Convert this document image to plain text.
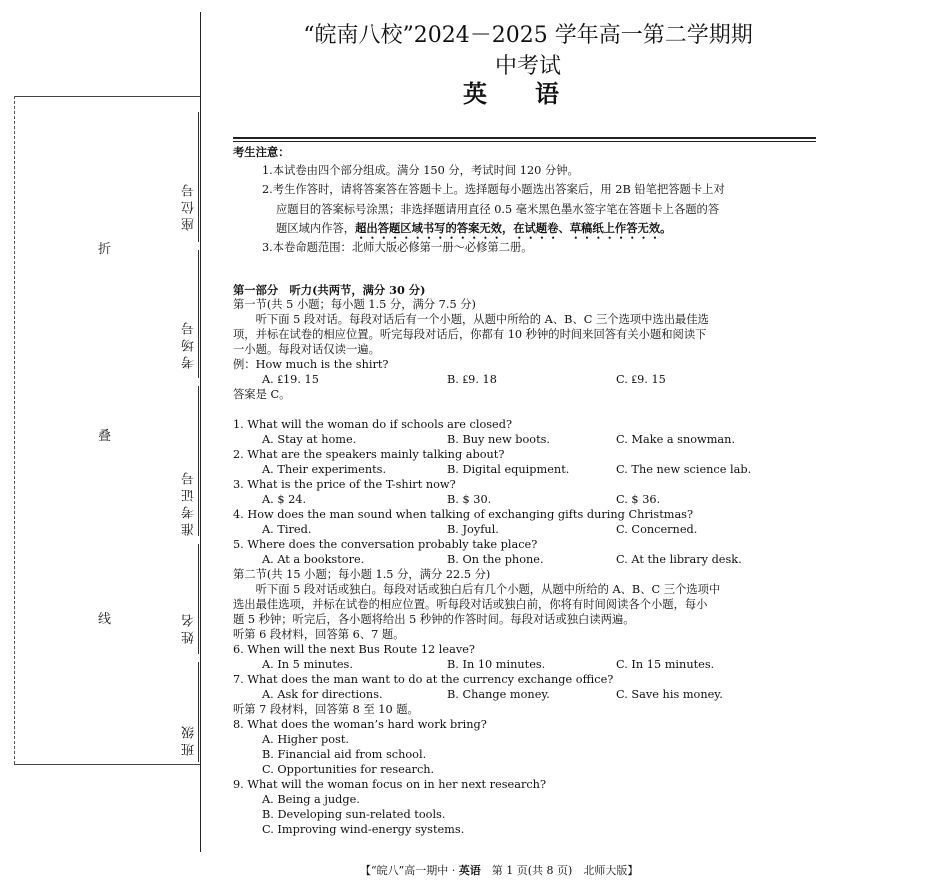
折
叠
线
座位号
考场号
准考证号
姓名
班级
“皖南八校”2024－2025 学年高一第二学期期中考试
英语
考生注意：
1.本试卷由四个部分组成。满分 150 分，考试时间 120 分钟。
2.考生作答时，请将答案答在答题卡上。选择题每小题选出答案后，用 2B 铅笔把答题卡上对
应题目的答案标号涂黑；非选择题请用直径 0.5 毫米黑色墨水签字笔在答题卡上各题的答
题区域内作答，超出答题区域书写的答案无效，在试题卷、草稿纸上作答无效。
3.本卷命题范围：北师大版必修第一册～必修第二册。
第一部分　听力(共两节，满分 30 分)
第一节(共 5 小题；每小题 1.5 分，满分 7.5 分)
　　听下面 5 段对话。每段对话后有一个小题，从题中所给的 A、B、C 三个选项中选出最佳选
项，并标在试卷的相应位置。听完每段对话后，你都有 10 秒钟的时间来回答有关小题和阅读下
一小题。每段对话仅读一遍。
例：How much is the shirt?
A. ₤19. 15	B. ₤9. 18	C. ₤9. 15
答案是 C。
1. What will the woman do if schools are closed?
A. Stay at home.	B. Buy new boots.	C. Make a snowman.
2. What are the speakers mainly talking about?
A. Their experiments.	B. Digital equipment.	C. The new science lab.
3. What is the price of the T-shirt now?
A. $ 24.	B. $ 30.	C. $ 36.
4. How does the man sound when talking of exchanging gifts during Christmas?
A. Tired.	B. Joyful.	C. Concerned.
5. Where does the conversation probably take place?
A. At a bookstore.	B. On the phone.	C. At the library desk.
第二节(共 15 小题；每小题 1.5 分，满分 22.5 分)
　　听下面 5 段对话或独白。每段对话或独白后有几个小题，从题中所给的 A、B、C 三个选项中
选出最佳选项，并标在试卷的相应位置。听每段对话或独白前，你将有时间阅读各个小题，每小
题 5 秒钟；听完后，各小题将给出 5 秒钟的作答时间。每段对话或独白读两遍。
听第 6 段材料，回答第 6、7 题。
6. When will the next Bus Route 12 leave?
A. In 5 minutes.	B. In 10 minutes.	C. In 15 minutes.
7. What does the man want to do at the currency exchange office?
A. Ask for directions.	B. Change money.	C. Save his money.
听第 7 段材料，回答第 8 至 10 题。
8. What does the woman’s hard work bring?
A. Higher post.
B. Financial aid from school.
C. Opportunities for research.
9. What will the woman focus on in her next research?
A. Being a judge.
B. Developing sun-related tools.
C. Improving wind-energy systems.
【“皖八”高一期中 · 英语　第 1 页(共 8 页)　北师大版】
